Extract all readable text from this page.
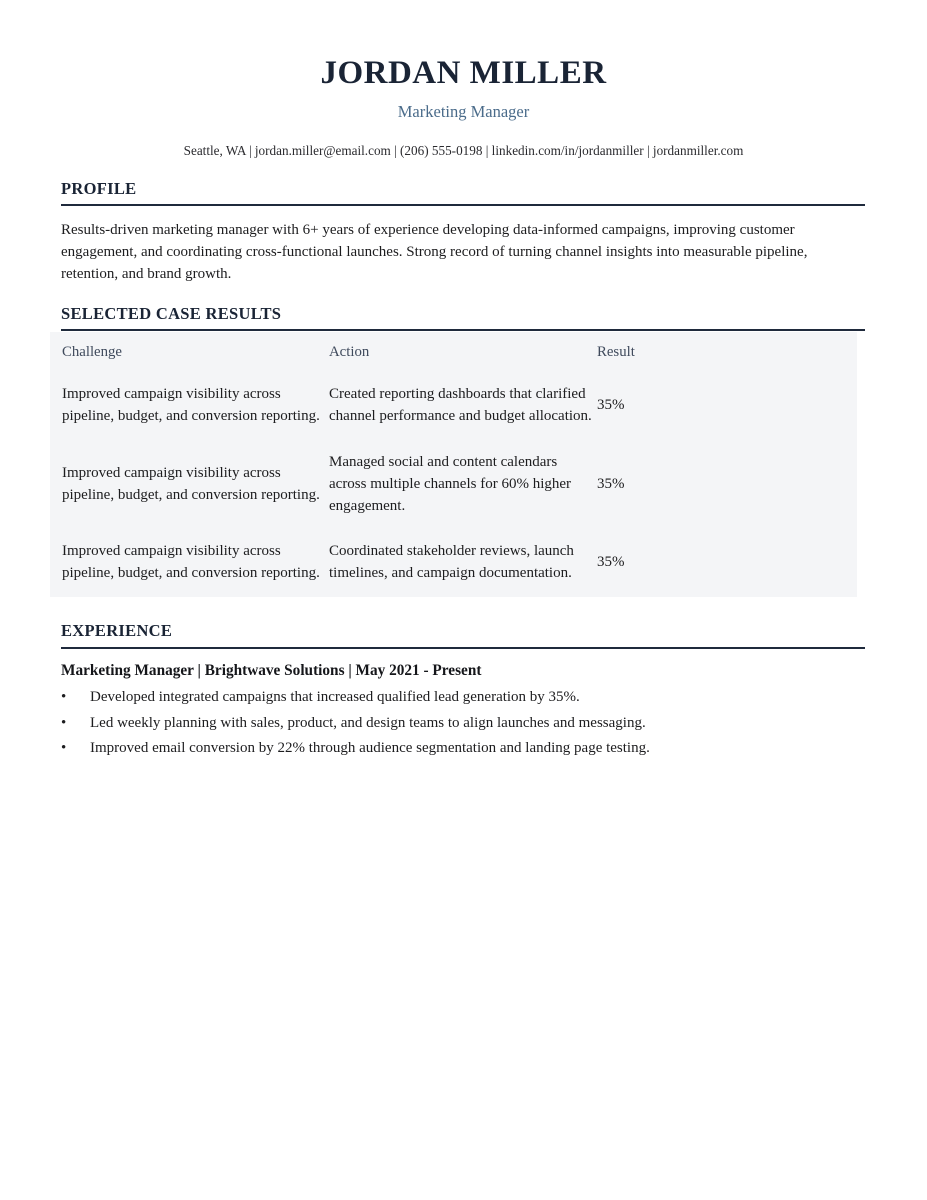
JORDAN MILLER
Marketing Manager
Seattle, WA | jordan.miller@email.com | (206) 555-0198 | linkedin.com/in/jordanmiller | jordanmiller.com
PROFILE
Results-driven marketing manager with 6+ years of experience developing data-informed campaigns, improving customer engagement, and coordinating cross-functional launches. Strong record of turning channel insights into measurable pipeline, retention, and brand growth.
SELECTED CASE RESULTS
Challenge	Action	Result
Improved campaign visibility across pipeline, budget, and conversion reporting.	Created reporting dashboards that clarified channel performance and budget allocation.	35%
Improved campaign visibility across pipeline, budget, and conversion reporting.	Managed social and content calendars across multiple channels for 60% higher engagement.	35%
Improved campaign visibility across pipeline, budget, and conversion reporting.	Coordinated stakeholder reviews, launch timelines, and campaign documentation.	35%
EXPERIENCE
Marketing Manager | Brightwave Solutions | May 2021 - Present
•	Developed integrated campaigns that increased qualified lead generation by 35%.
•	Led weekly planning with sales, product, and design teams to align launches and messaging.
•	Improved email conversion by 22% through audience segmentation and landing page testing.
